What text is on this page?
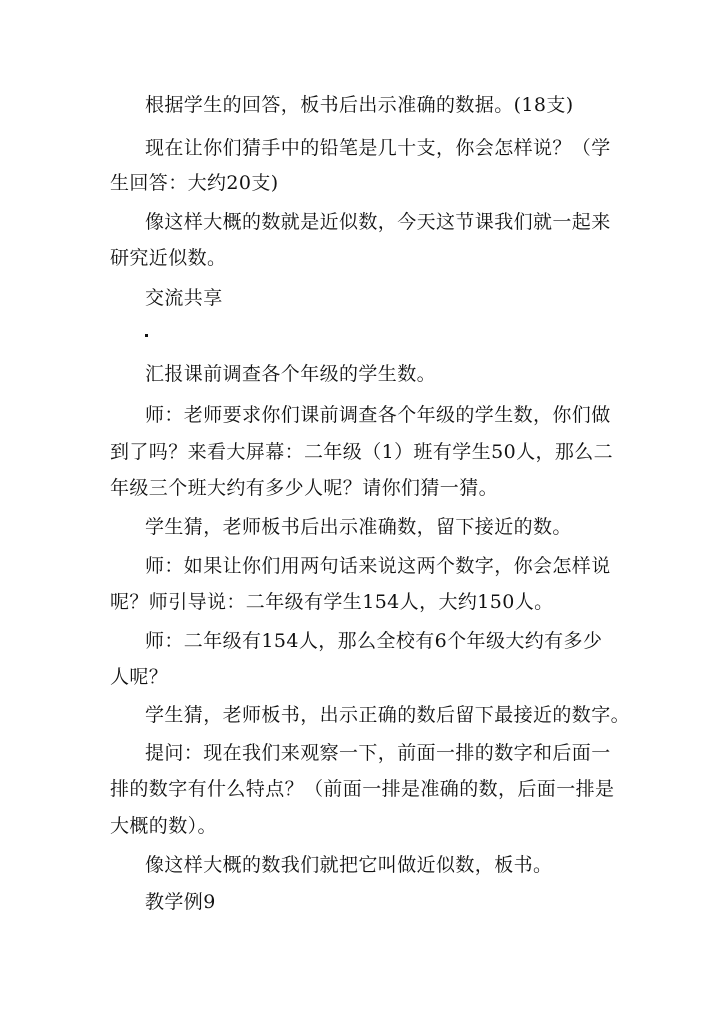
根据学生的回答，板书后出示准确的数据。(18支)
现在让你们猜手中的铅笔是几十支，你会怎样说？（学
生回答：大约20支)
像这样大概的数就是近似数，今天这节课我们就一起来
研究近似数。
交流共享
汇报课前调查各个年级的学生数。
师：老师要求你们课前调查各个年级的学生数，你们做
到了吗？来看大屏幕：二年级（1）班有学生50人，那么二
年级三个班大约有多少人呢？请你们猜一猜。
学生猜，老师板书后出示准确数，留下接近的数。
师：如果让你们用两句话来说这两个数字，你会怎样说
呢？师引导说：二年级有学生154人，大约150人。
师：二年级有154人，那么全校有6个年级大约有多少
人呢？
学生猜，老师板书，出示正确的数后留下最接近的数字。
提问：现在我们来观察一下，前面一排的数字和后面一
排的数字有什么特点？（前面一排是准确的数，后面一排是
大概的数）。
像这样大概的数我们就把它叫做近似数，板书。
教学例9
